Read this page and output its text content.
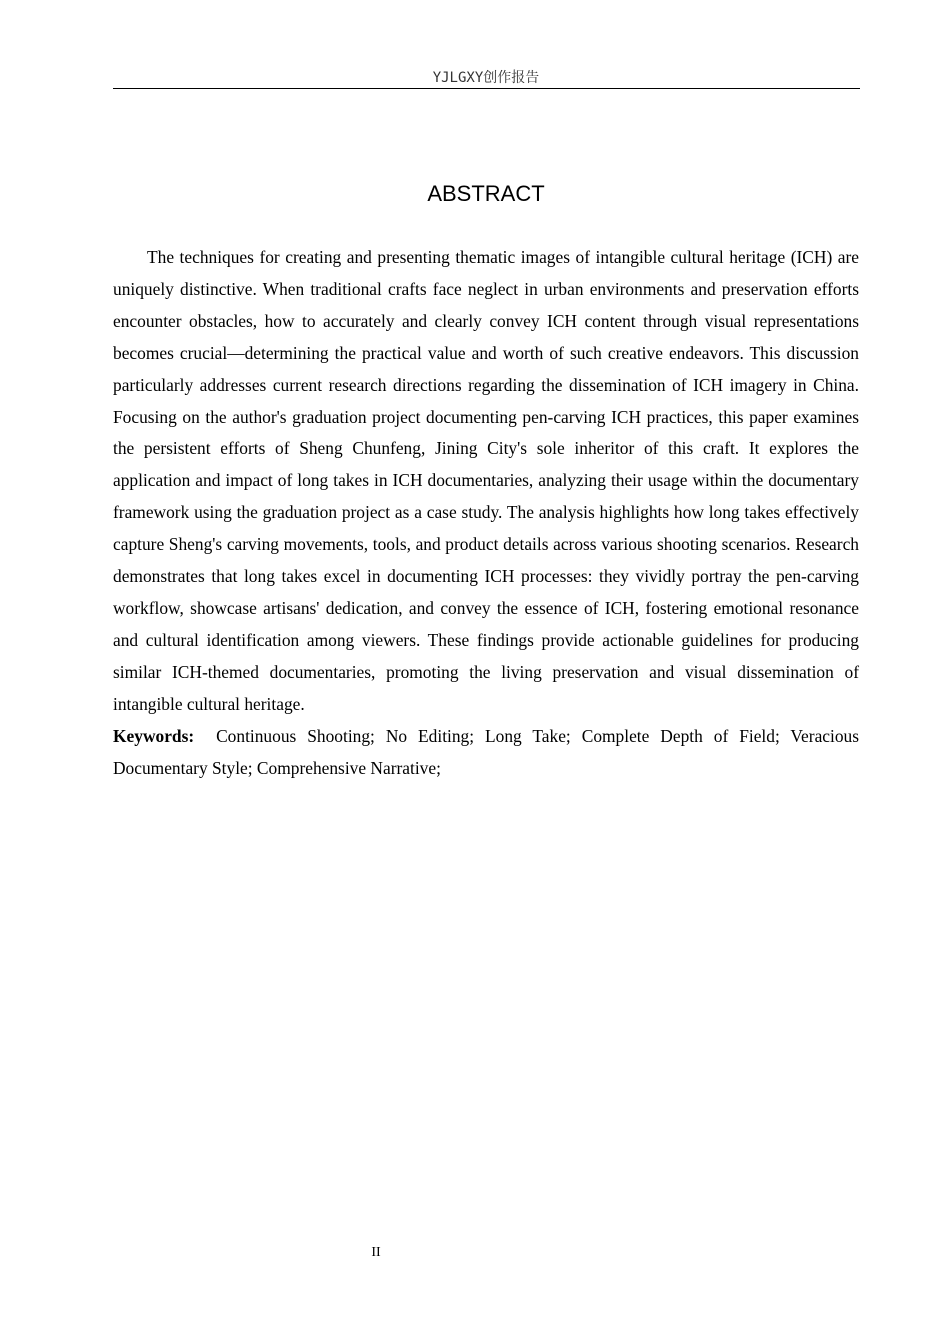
YJLGXY创作报告
ABSTRACT

The techniques for creating and presenting thematic images of intangible cultural heritage (ICH) are uniquely distinctive. When traditional crafts face neglect in urban environments and preservation efforts encounter obstacles, how to accurately and clearly convey ICH content through visual representations becomes crucial—determining the practical value and worth of such creative endeavors. This discussion particularly addresses current research directions regarding the dissemination of ICH imagery in China. Focusing on the author's graduation project documenting pen-carving ICH practices, this paper examines the persistent efforts of Sheng Chunfeng, Jining City's sole inheritor of this craft. It explores the application and impact of long takes in ICH documentaries, analyzing their usage within the documentary framework using the graduation project as a case study. The analysis highlights how long takes effectively capture Sheng's carving movements, tools, and product details across various shooting scenarios. Research demonstrates that long takes excel in documenting ICH processes: they vividly portray the pen-carving workflow, showcase artisans' dedication, and convey the essence of ICH, fostering emotional resonance and cultural identification among viewers. These findings provide actionable guidelines for producing similar ICH-themed documentaries, promoting the living preservation and visual dissemination of intangible cultural heritage.

Keywords: Continuous Shooting; No Editing; Long Take; Complete Depth of Field; Veracious Documentary Style; Comprehensive Narrative;

II
